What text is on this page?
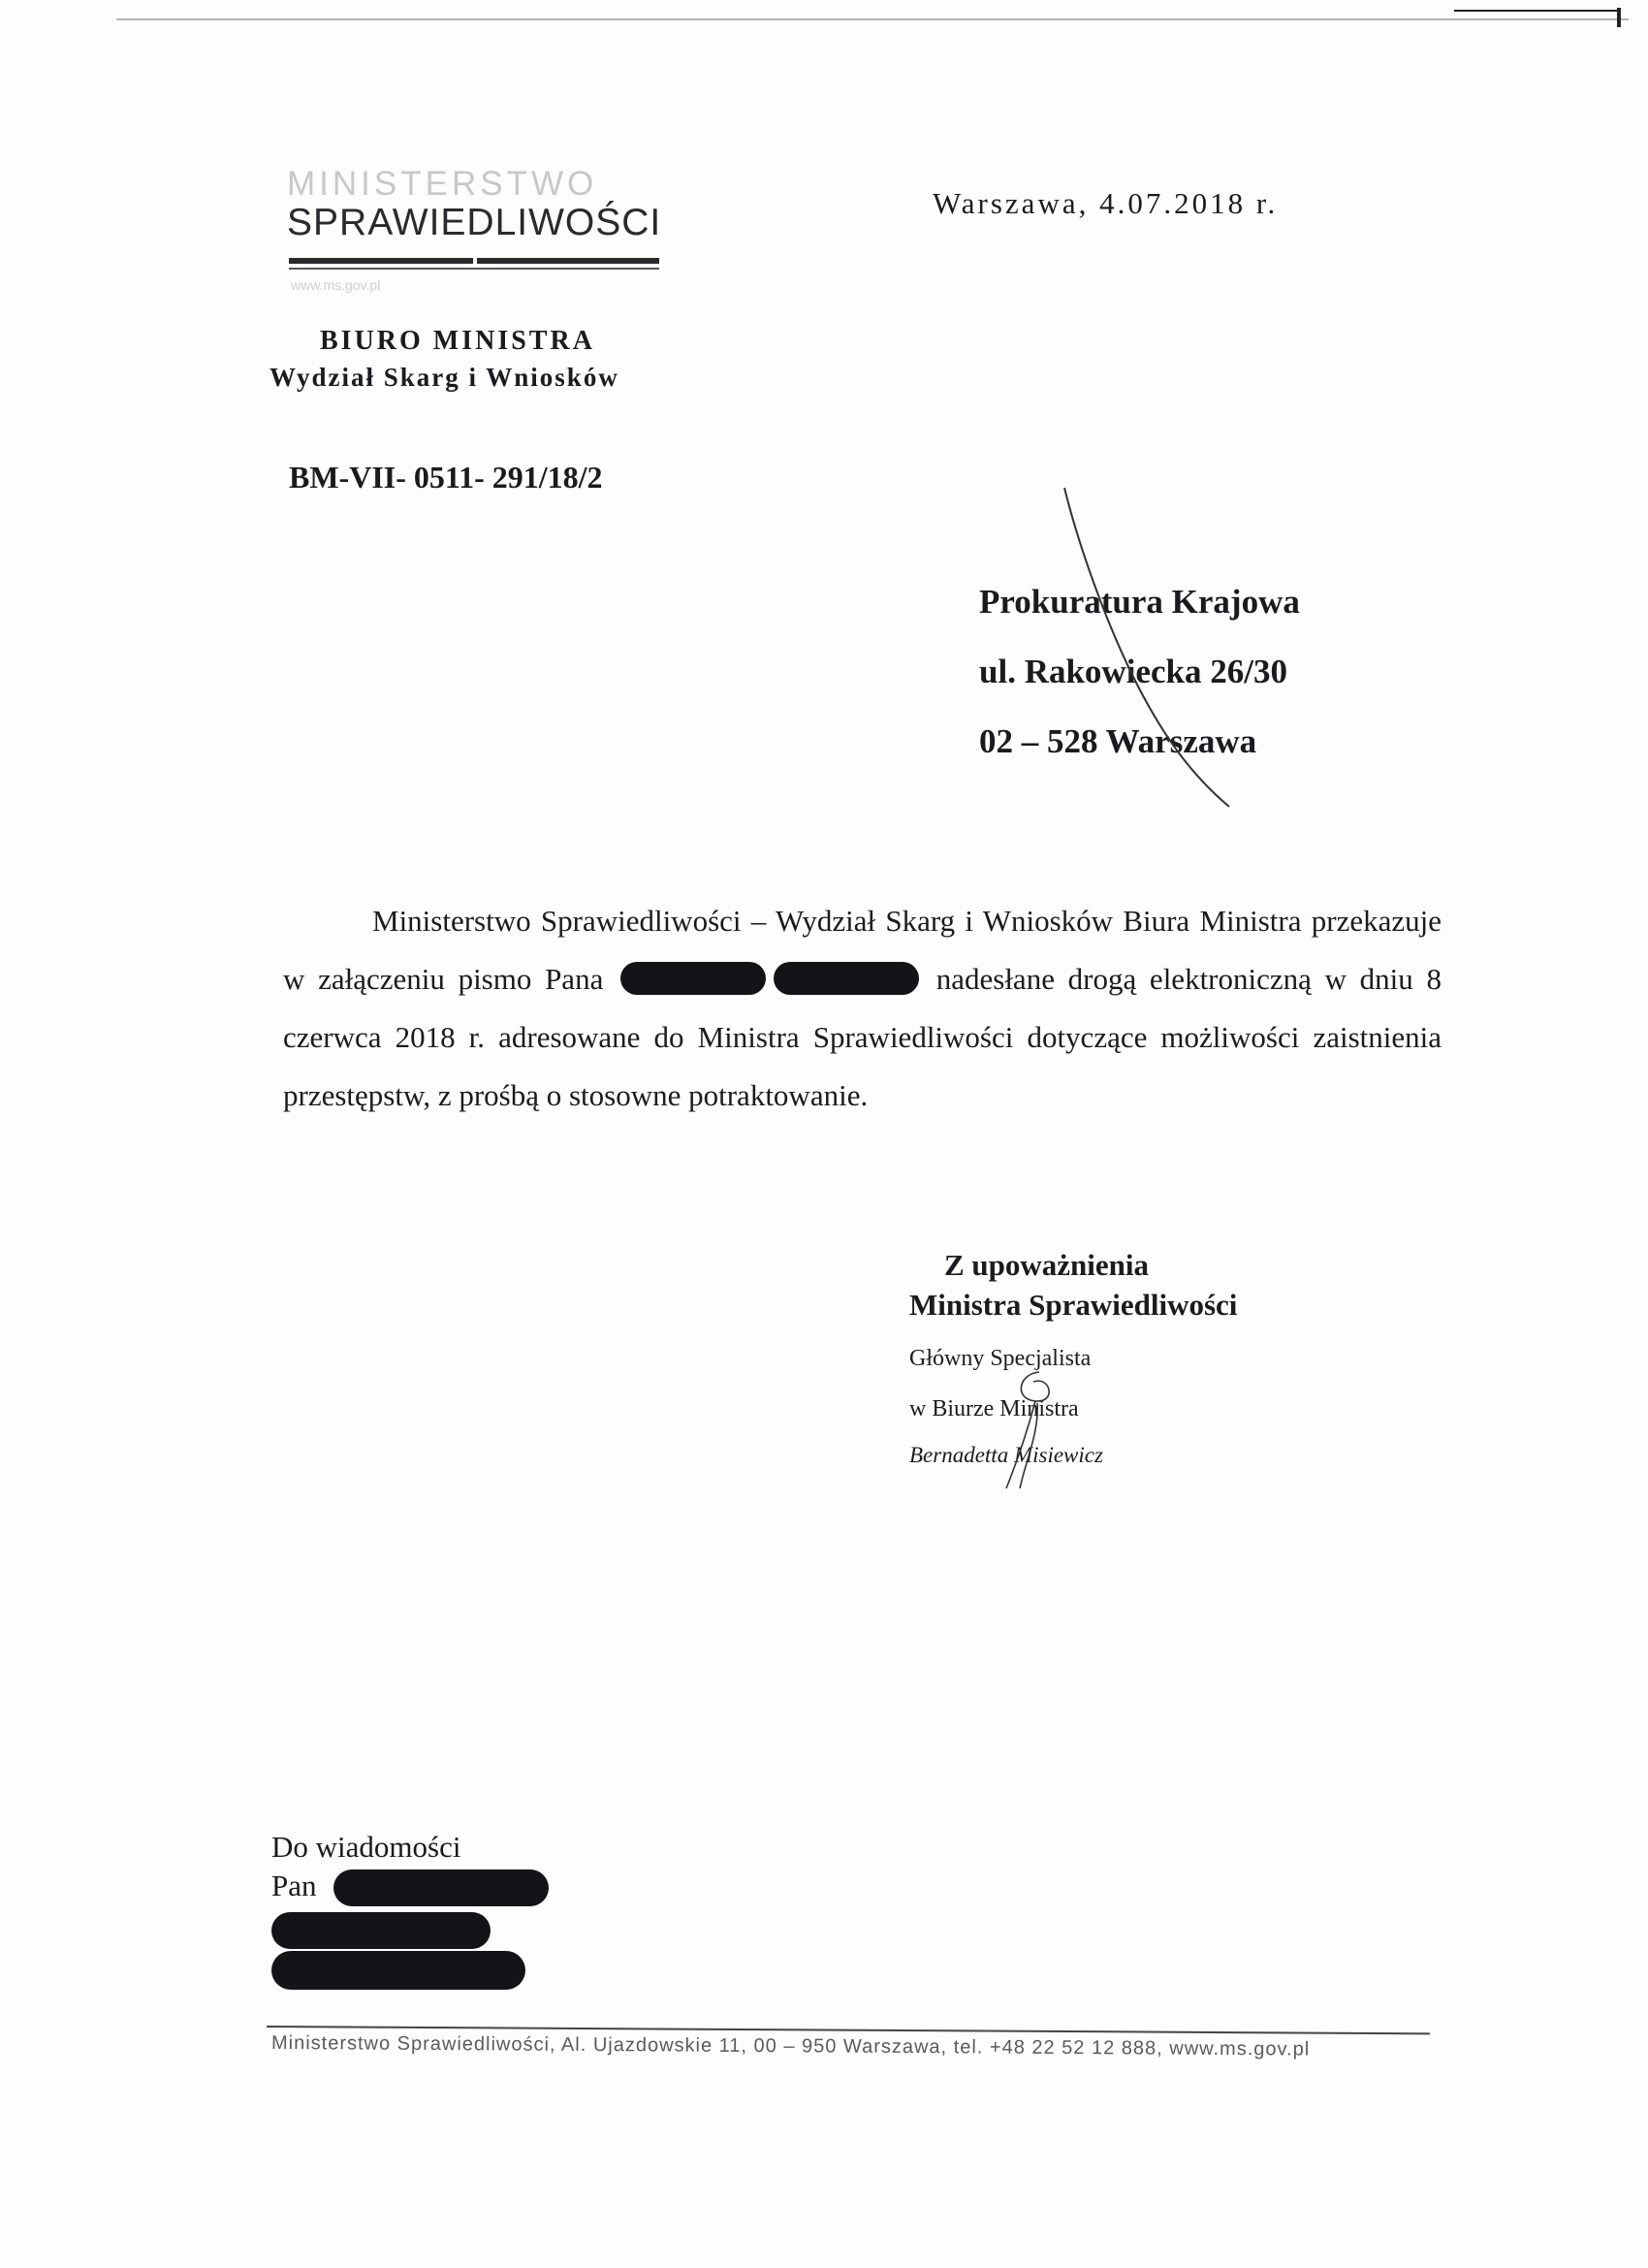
MINISTERSTWO
SPRAWIEDLIWOŚCI
www.ms.gov.pl
Warszawa, 4.07.2018 r.
BIURO MINISTRA
Wydział Skarg i Wniosków
BM-VII- 0511- 291/18/2
Prokuratura Krajowa
ul. Rakowiecka 26/30
02 – 528 Warszawa

Ministerstwo Sprawiedliwości – Wydział Skarg i Wniosków Biura Ministra przekazuje w załączeniu pismo Pana	nadesłane drogą elektroniczną w dniu 8 czerwca 2018 r. adresowane do Ministra Sprawiedliwości dotyczące możliwości zaistnienia przestępstw, z prośbą o stosowne potraktowanie.

Z upoważnienia
Ministra Sprawiedliwości
Główny Specjalista
w Biurze Ministra
Bernadetta Misiewicz
Do wiadomości
Pan
Ministerstwo Sprawiedliwości, Al. Ujazdowskie 11, 00 – 950 Warszawa, tel. +48 22 52 12 888, www.ms.gov.pl
